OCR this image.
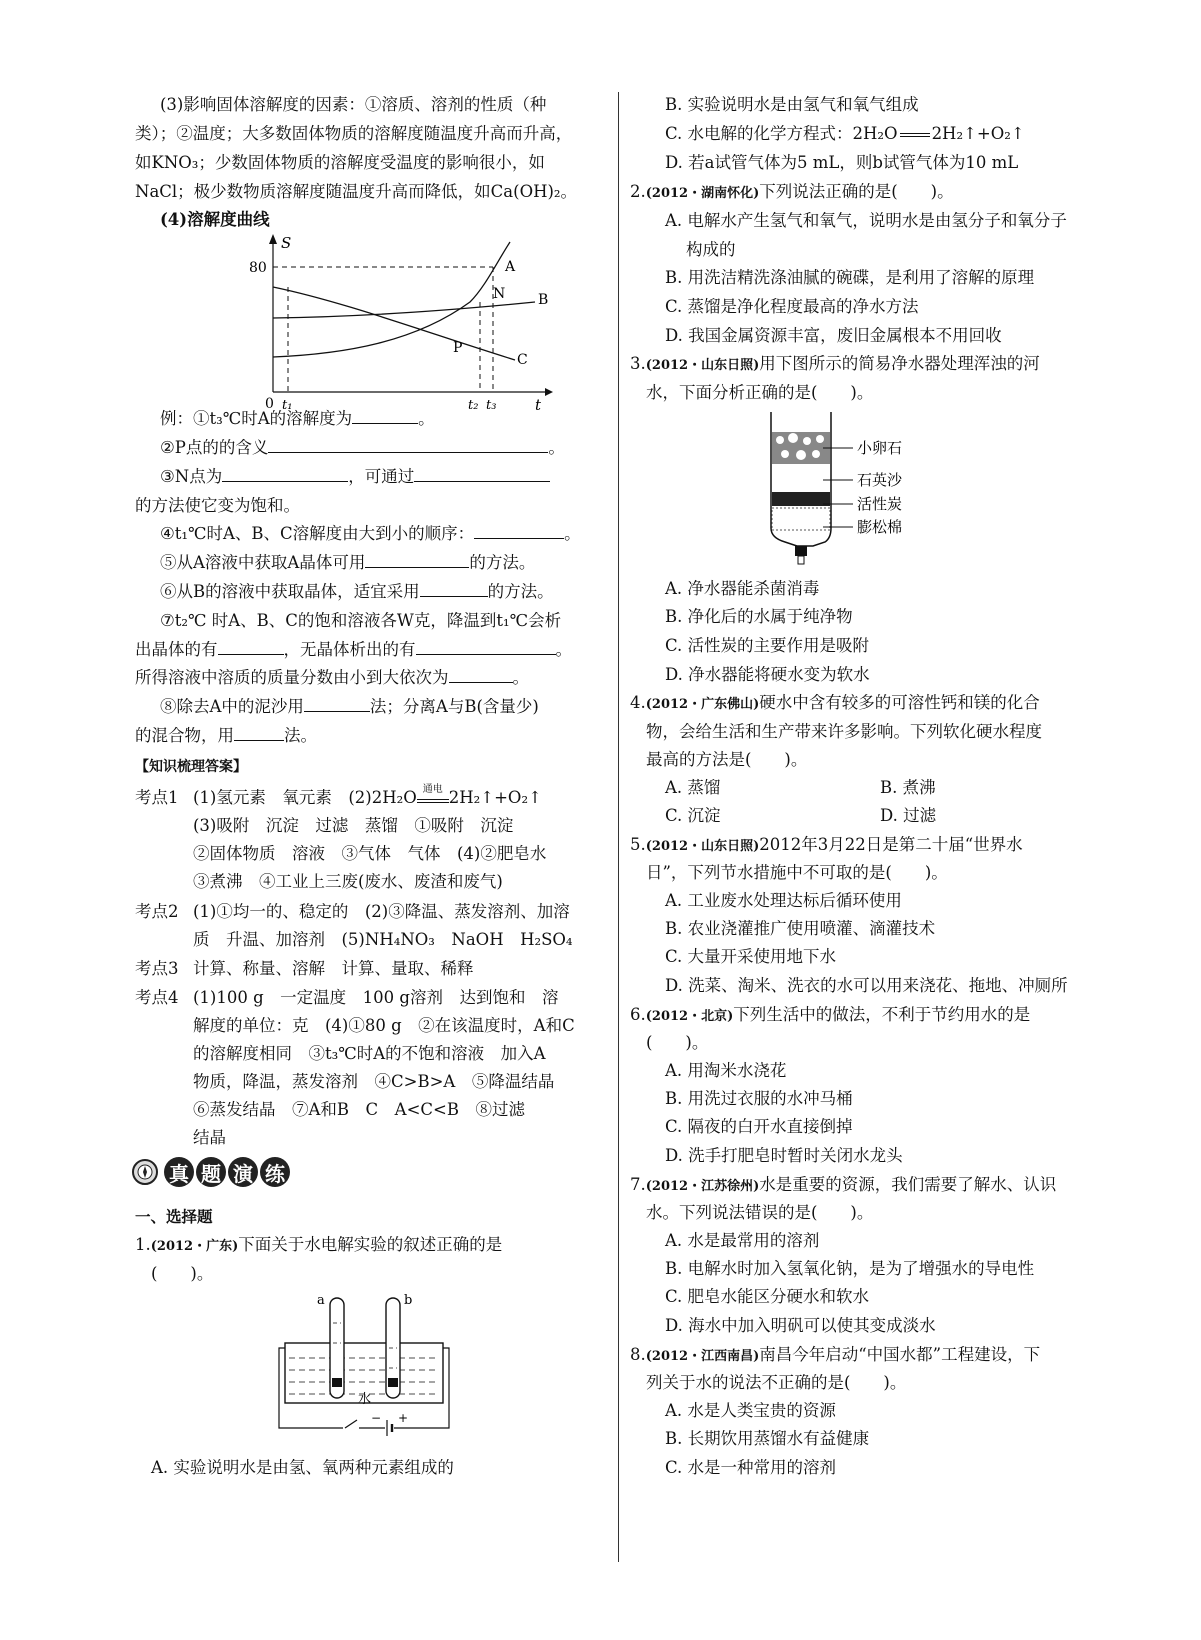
(3)影响固体溶解度的因素：①溶质、溶剂的性质（种
类）；②温度；大多数固体物质的溶解度随温度升高而升高，
如KNO₃；少数固体物质的溶解度受温度的影响很小，如
NaCl；极少数物质溶解度随温度升高而降低，如Ca(OH)₂。
(4)溶解度曲线
S
80	A
N B
P
C
0 t₁	t₂ t₃	t
例：①t₃℃时A的溶解度为	。
②P点的的含义	。
③N点为	，可通过
的方法使它变为饱和。
④t₁℃时A、B、C溶解度由大到小的顺序：	。
⑤从A溶液中获取A晶体可用	的方法。
⑥从B的溶液中获取晶体，适宜采用	的方法。
⑦t₂℃ 时A、B、C的饱和溶液各W克，降温到t₁℃会析
出晶体的有	，无晶体析出的有	。
所得溶液中溶质的质量分数由小到大依次为	。
⑧除去A中的泥沙用	法；分离A与B(含量少)
的混合物，用	法。
【知识梳理答案】
考点1 (1)氢元素　氧元素　(2)2H₂O 通电 2H₂↑+O₂↑
(3)吸附　沉淀　过滤　蒸馏　①吸附　沉淀
②固体物质　溶液　③气体　气体　(4)②肥皂水
③煮沸　④工业上三废(废水、废渣和废气)
考点2 (1)①均一的、稳定的　(2)③降温、蒸发溶剂、加溶
质　升温、加溶剂　(5)NH₄NO₃　NaOH　H₂SO₄
考点3 计算、称量、溶解　计算、量取、稀释
考点4 (1)100 g　一定温度　100 g溶剂　达到饱和　溶
解度的单位：克　(4)①80 g　②在该温度时，A和C
的溶解度相同　③t₃℃时A的不饱和溶液　加入A
物质，降温，蒸发溶剂　④C>B>A　⑤降温结晶
⑥蒸发结晶　⑦A和B　C　A<C<B　⑧过滤
结晶
真 题 演 练
一、选择题
1.(2012・广东)下面关于水电解实验的叙述正确的是
(　　)。
a	b
水
− +
A. 实验说明水是由氢、氧两种元素组成的
B. 实验说明水是由氢气和氧气组成
C. 水电解的化学方程式：2H₂O 2H₂↑+O₂↑
D. 若a试管气体为5 mL，则b试管气体为10 mL
2.(2012・湖南怀化)下列说法正确的是(　　)。
A. 电解水产生氢气和氧气，说明水是由氢分子和氧分子
构成的
B. 用洗洁精洗涤油腻的碗碟，是利用了溶解的原理
C. 蒸馏是净化程度最高的净水方法
D. 我国金属资源丰富，废旧金属根本不用回收
3.(2012・山东日照)用下图所示的简易净水器处理浑浊的河
水，下面分析正确的是(　　)。
小卵石
石英沙
活性炭
膨松棉
A. 净水器能杀菌消毒
B. 净化后的水属于纯净物
C. 活性炭的主要作用是吸附
D. 净水器能将硬水变为软水
4.(2012・广东佛山)硬水中含有较多的可溶性钙和镁的化合
物，会给生活和生产带来许多影响。下列软化硬水程度
最高的方法是(　　)。
A. 蒸馏	B. 煮沸
C. 沉淀	D. 过滤
5.(2012・山东日照)2012年3月22日是第二十届“世界水
日”，下列节水措施中不可取的是(　　)。
A. 工业废水处理达标后循环使用
B. 农业浇灌推广使用喷灌、滴灌技术
C. 大量开采使用地下水
D. 洗菜、淘米、洗衣的水可以用来浇花、拖地、冲厕所
6.(2012・北京)下列生活中的做法，不利于节约用水的是
(　　)。
A. 用淘米水浇花
B. 用洗过衣服的水冲马桶
C. 隔夜的白开水直接倒掉
D. 洗手打肥皂时暂时关闭水龙头
7.(2012・江苏徐州)水是重要的资源，我们需要了解水、认识
水。下列说法错误的是(　　)。
A. 水是最常用的溶剂
B. 电解水时加入氢氧化钠，是为了增强水的导电性
C. 肥皂水能区分硬水和软水
D. 海水中加入明矾可以使其变成淡水
8.(2012・江西南昌)南昌今年启动“中国水都”工程建设，下
列关于水的说法不正确的是(　　)。
A. 水是人类宝贵的资源
B. 长期饮用蒸馏水有益健康
C. 水是一种常用的溶剂
